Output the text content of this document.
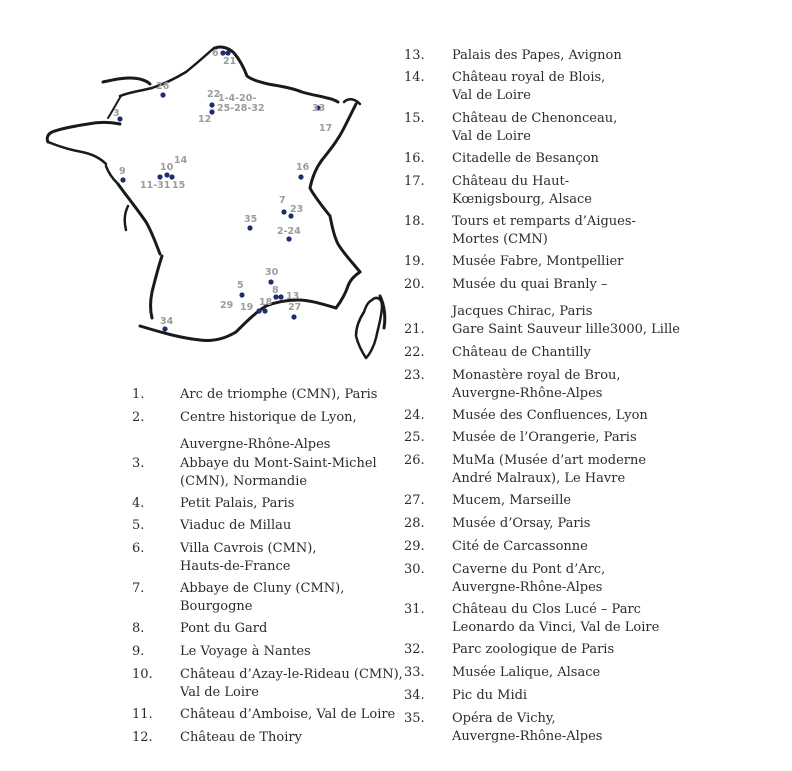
6
21
26
22
1-4-20-
25-28-32
12
33
3
17
9	10
14
11-31 15
16
7
23
35
2-24
30
5	8
13
29 19 18 27
34
1.	Arc de triomphe (CMN), Paris
2.	Centre historique de Lyon,
Auvergne-Rhône-Alpes
3.	Abbaye du Mont-Saint-Michel
(CMN), Normandie
4.	Petit Palais, Paris
5.	Viaduc de Millau
6.	Villa Cavrois (CMN),
Hauts-de-France
7.	Abbaye de Cluny (CMN),
Bourgogne
8.	Pont du Gard
9.	Le Voyage à Nantes
10.	Château d’Azay-le-Rideau (CMN),
Val de Loire
11.	Château d’Amboise, Val de Loire
12.	Château de Thoiry
13.	Palais des Papes, Avignon
14.	Château royal de Blois,
Val de Loire
15.	Château de Chenonceau,
Val de Loire
16.	Citadelle de Besançon
17.	Château du Haut-
Kœnigsbourg, Alsace
18.	Tours et remparts d’Aigues-
Mortes (CMN)
19.	Musée Fabre, Montpellier
20.	Musée du quai Branly –
Jacques Chirac, Paris
21.	Gare Saint Sauveur lille3000, Lille
22.	Château de Chantilly
23.	Monastère royal de Brou,
Auvergne-Rhône-Alpes
24.	Musée des Confluences, Lyon
25.	Musée de l’Orangerie, Paris
26.	MuMa (Musée d’art moderne
André Malraux), Le Havre
27.	Mucem, Marseille
28.	Musée d’Orsay, Paris
29.	Cité de Carcassonne
30.	Caverne du Pont d’Arc,
Auvergne-Rhône-Alpes
31.	Château du Clos Lucé – Parc
Leonardo da Vinci, Val de Loire
32.	Parc zoologique de Paris
33.	Musée Lalique, Alsace
34.	Pic du Midi
35.	Opéra de Vichy,
Auvergne-Rhône-Alpes
